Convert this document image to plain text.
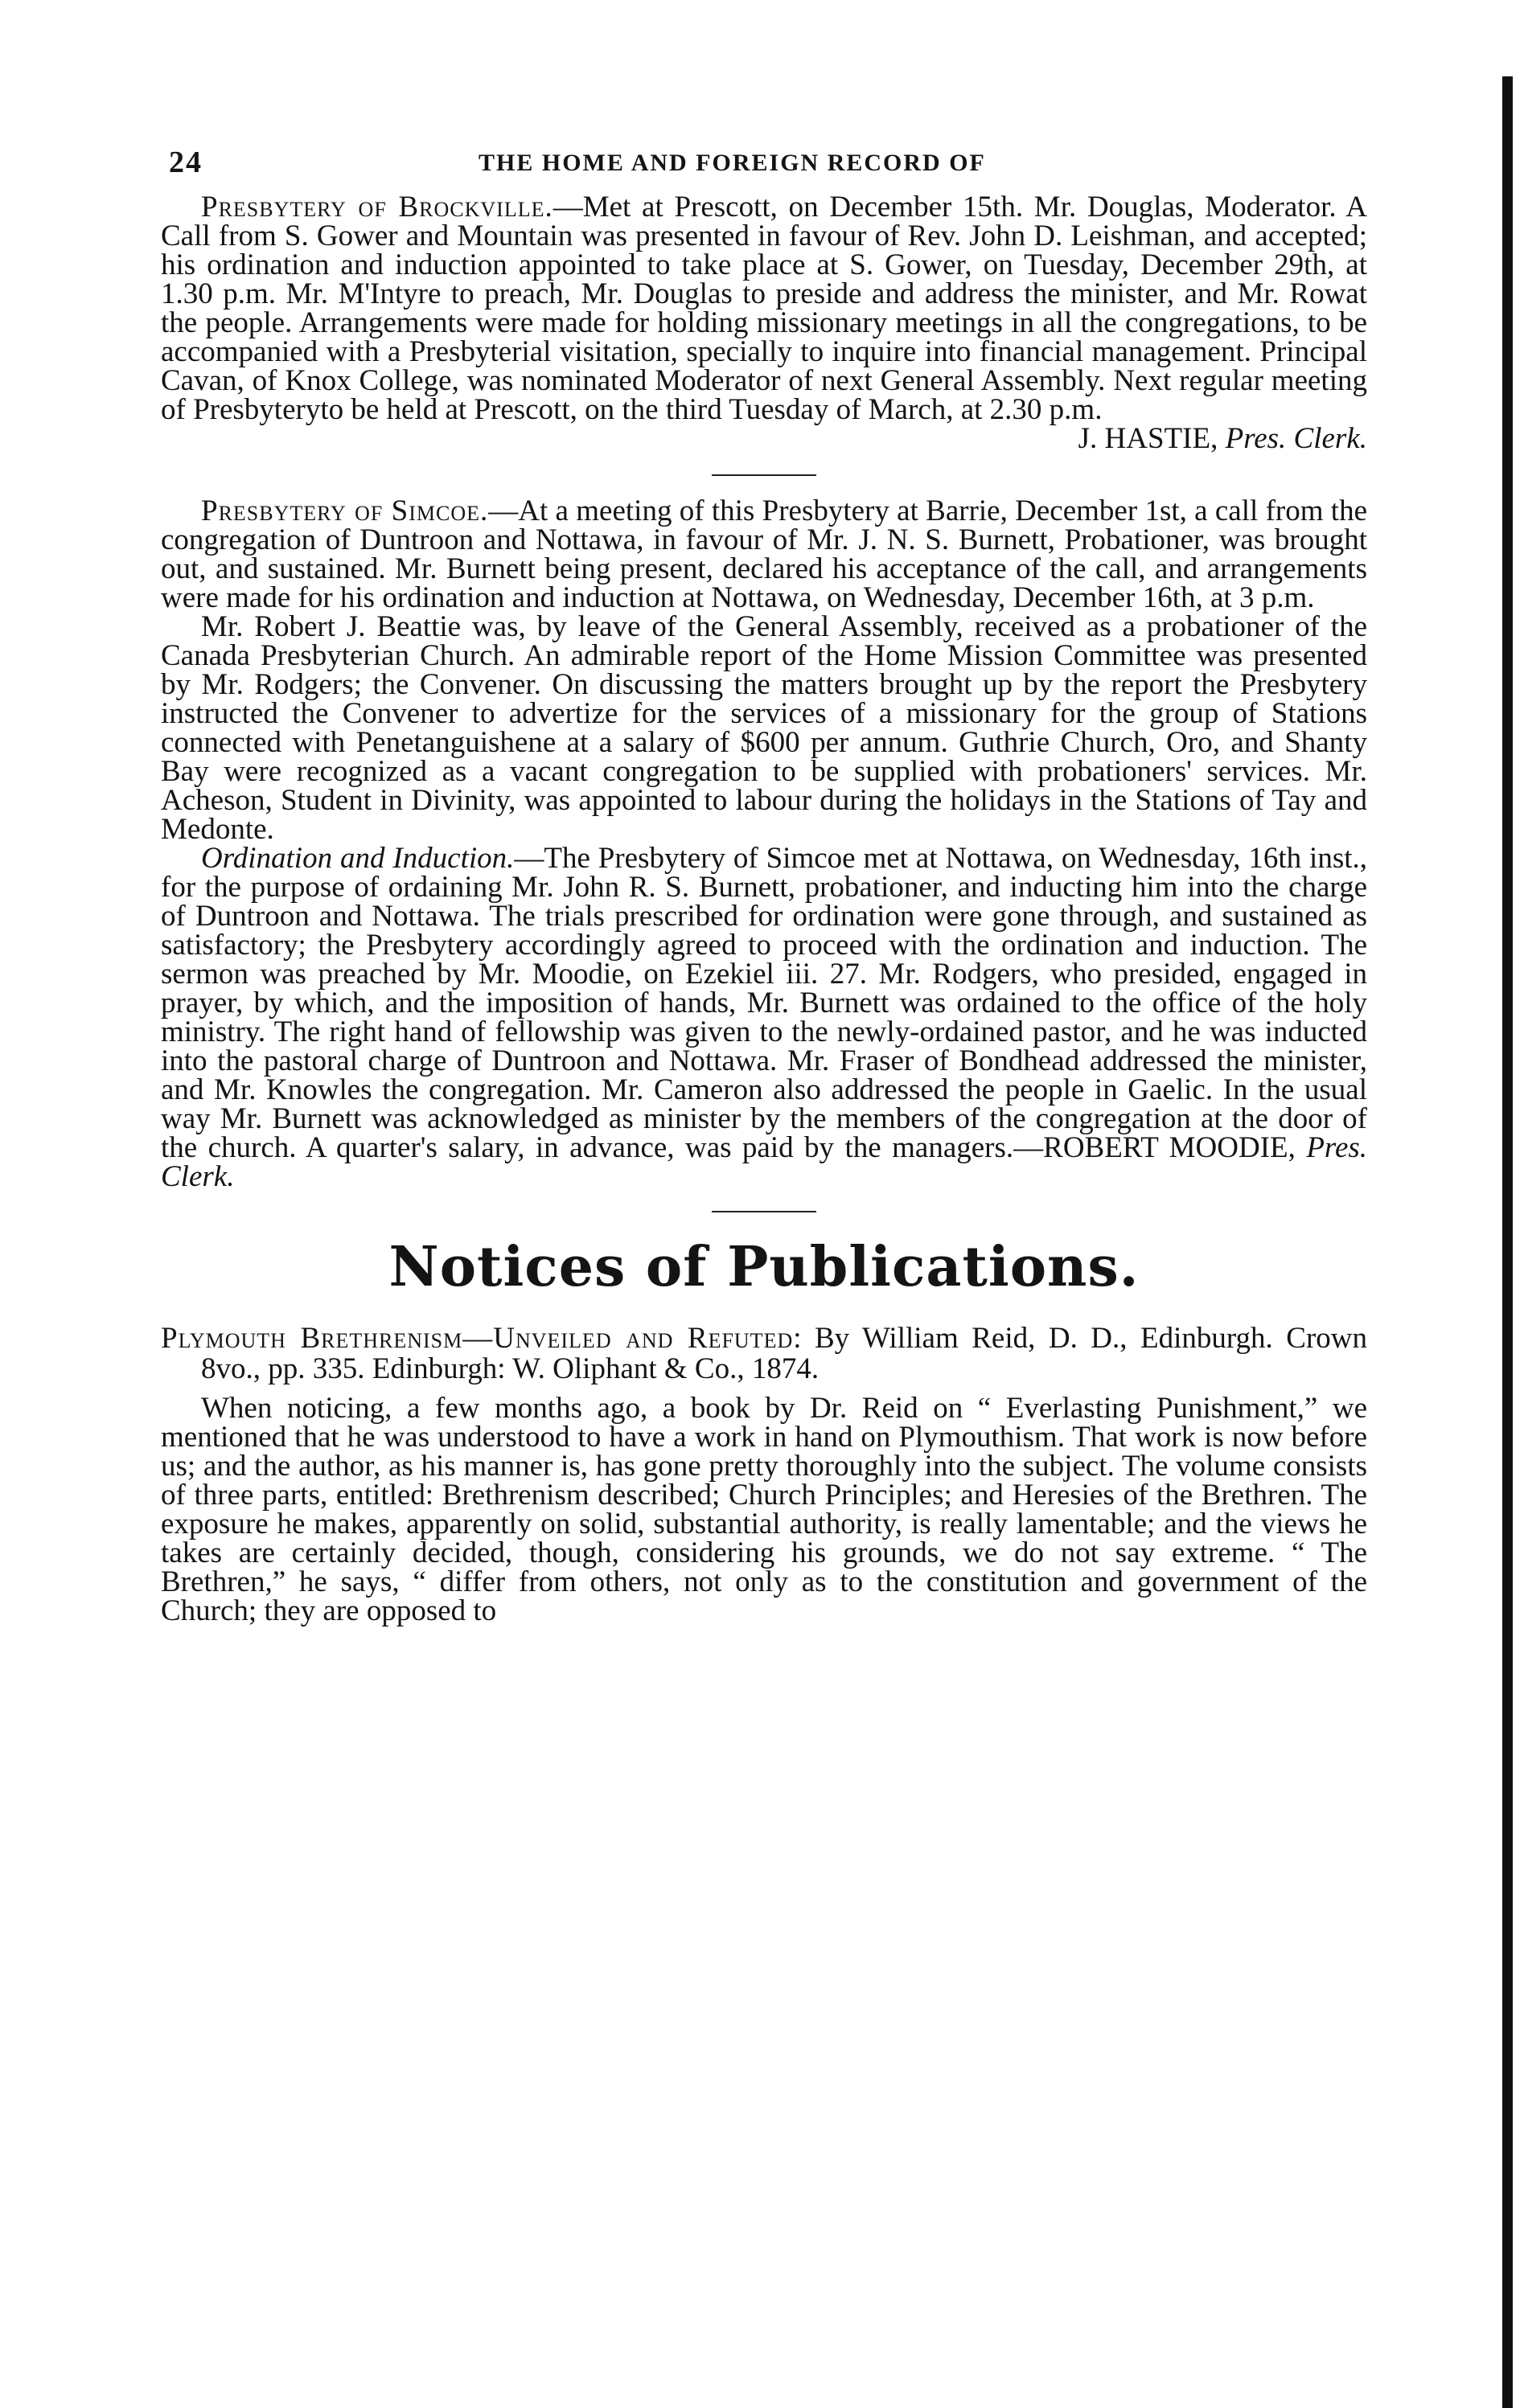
24	THE HOME AND FOREIGN RECORD OF

Presbytery of Brockville.—Met at Prescott, on December 15th. Mr. Douglas, Moderator. A Call from S. Gower and Mountain was presented in favour of Rev. John D. Leishman, and accepted; his ordination and induction appointed to take place at S. Gower, on Tuesday, December 29th, at 1.30 p.m. Mr. M'Intyre to preach, Mr. Douglas to preside and address the minister, and Mr. Rowat the people. Arrangements were made for holding missionary meetings in all the congregations, to be accompanied with a Presbyterial visitation, specially to inquire into financial management. Principal Cavan, of Knox College, was nominated Moderator of next General Assembly. Next regular meeting of Presbyteryto be held at Prescott, on the third Tuesday of March, at 2.30 p.m.
J. HASTIE, Pres. Clerk.

Presbytery of Simcoe.—At a meeting of this Presbytery at Barrie, December 1st, a call from the congregation of Duntroon and Nottawa, in favour of Mr. J. N. S. Burnett, Probationer, was brought out, and sustained. Mr. Burnett being present, declared his acceptance of the call, and arrangements were made for his ordination and induction at Nottawa, on Wednesday, December 16th, at 3 p.m.

Mr. Robert J. Beattie was, by leave of the General Assembly, received as a probationer of the Canada Presbyterian Church. An admirable report of the Home Mission Committee was presented by Mr. Rodgers; the Convener. On discussing the matters brought up by the report the Presbytery instructed the Convener to advertize for the services of a missionary for the group of Stations connected with Penetanguishene at a salary of $600 per annum. Guthrie Church, Oro, and Shanty Bay were recognized as a vacant congregation to be supplied with probationers' services. Mr. Acheson, Student in Divinity, was appointed to labour during the holidays in the Stations of Tay and Medonte.

Ordination and Induction.—The Presbytery of Simcoe met at Nottawa, on Wednesday, 16th inst., for the purpose of ordaining Mr. John R. S. Burnett, probationer, and inducting him into the charge of Duntroon and Nottawa. The trials prescribed for ordination were gone through, and sustained as satisfactory; the Presbytery accordingly agreed to proceed with the ordination and induction. The sermon was preached by Mr. Moodie, on Ezekiel iii. 27. Mr. Rodgers, who presided, engaged in prayer, by which, and the imposition of hands, Mr. Burnett was ordained to the office of the holy ministry. The right hand of fellowship was given to the newly-ordained pastor, and he was inducted into the pastoral charge of Duntroon and Nottawa. Mr. Fraser of Bondhead addressed the minister, and Mr. Knowles the congregation. Mr. Cameron also addressed the people in Gaelic. In the usual way Mr. Burnett was acknowledged as minister by the members of the congregation at the door of the church. A quarter's salary, in advance, was paid by the managers.—ROBERT MOODIE, Pres. Clerk.

Notices of Publications.
Plymouth Brethrenism—Unveiled and Refuted: By William Reid, D. D., Edinburgh. Crown 8vo., pp. 335. Edinburgh: W. Oliphant & Co., 1874.

When noticing, a few months ago, a book by Dr. Reid on “ Everlasting Punishment,” we mentioned that he was understood to have a work in hand on Plymouthism. That work is now before us; and the author, as his manner is, has gone pretty thoroughly into the subject. The volume consists of three parts, entitled: Brethrenism described; Church Principles; and Heresies of the Brethren. The exposure he makes, apparently on solid, substantial authority, is really lamentable; and the views he takes are certainly decided, though, considering his grounds, we do not say extreme. “ The Brethren,” he says, “ differ from others, not only as to the constitution and government of the Church; they are opposed to
